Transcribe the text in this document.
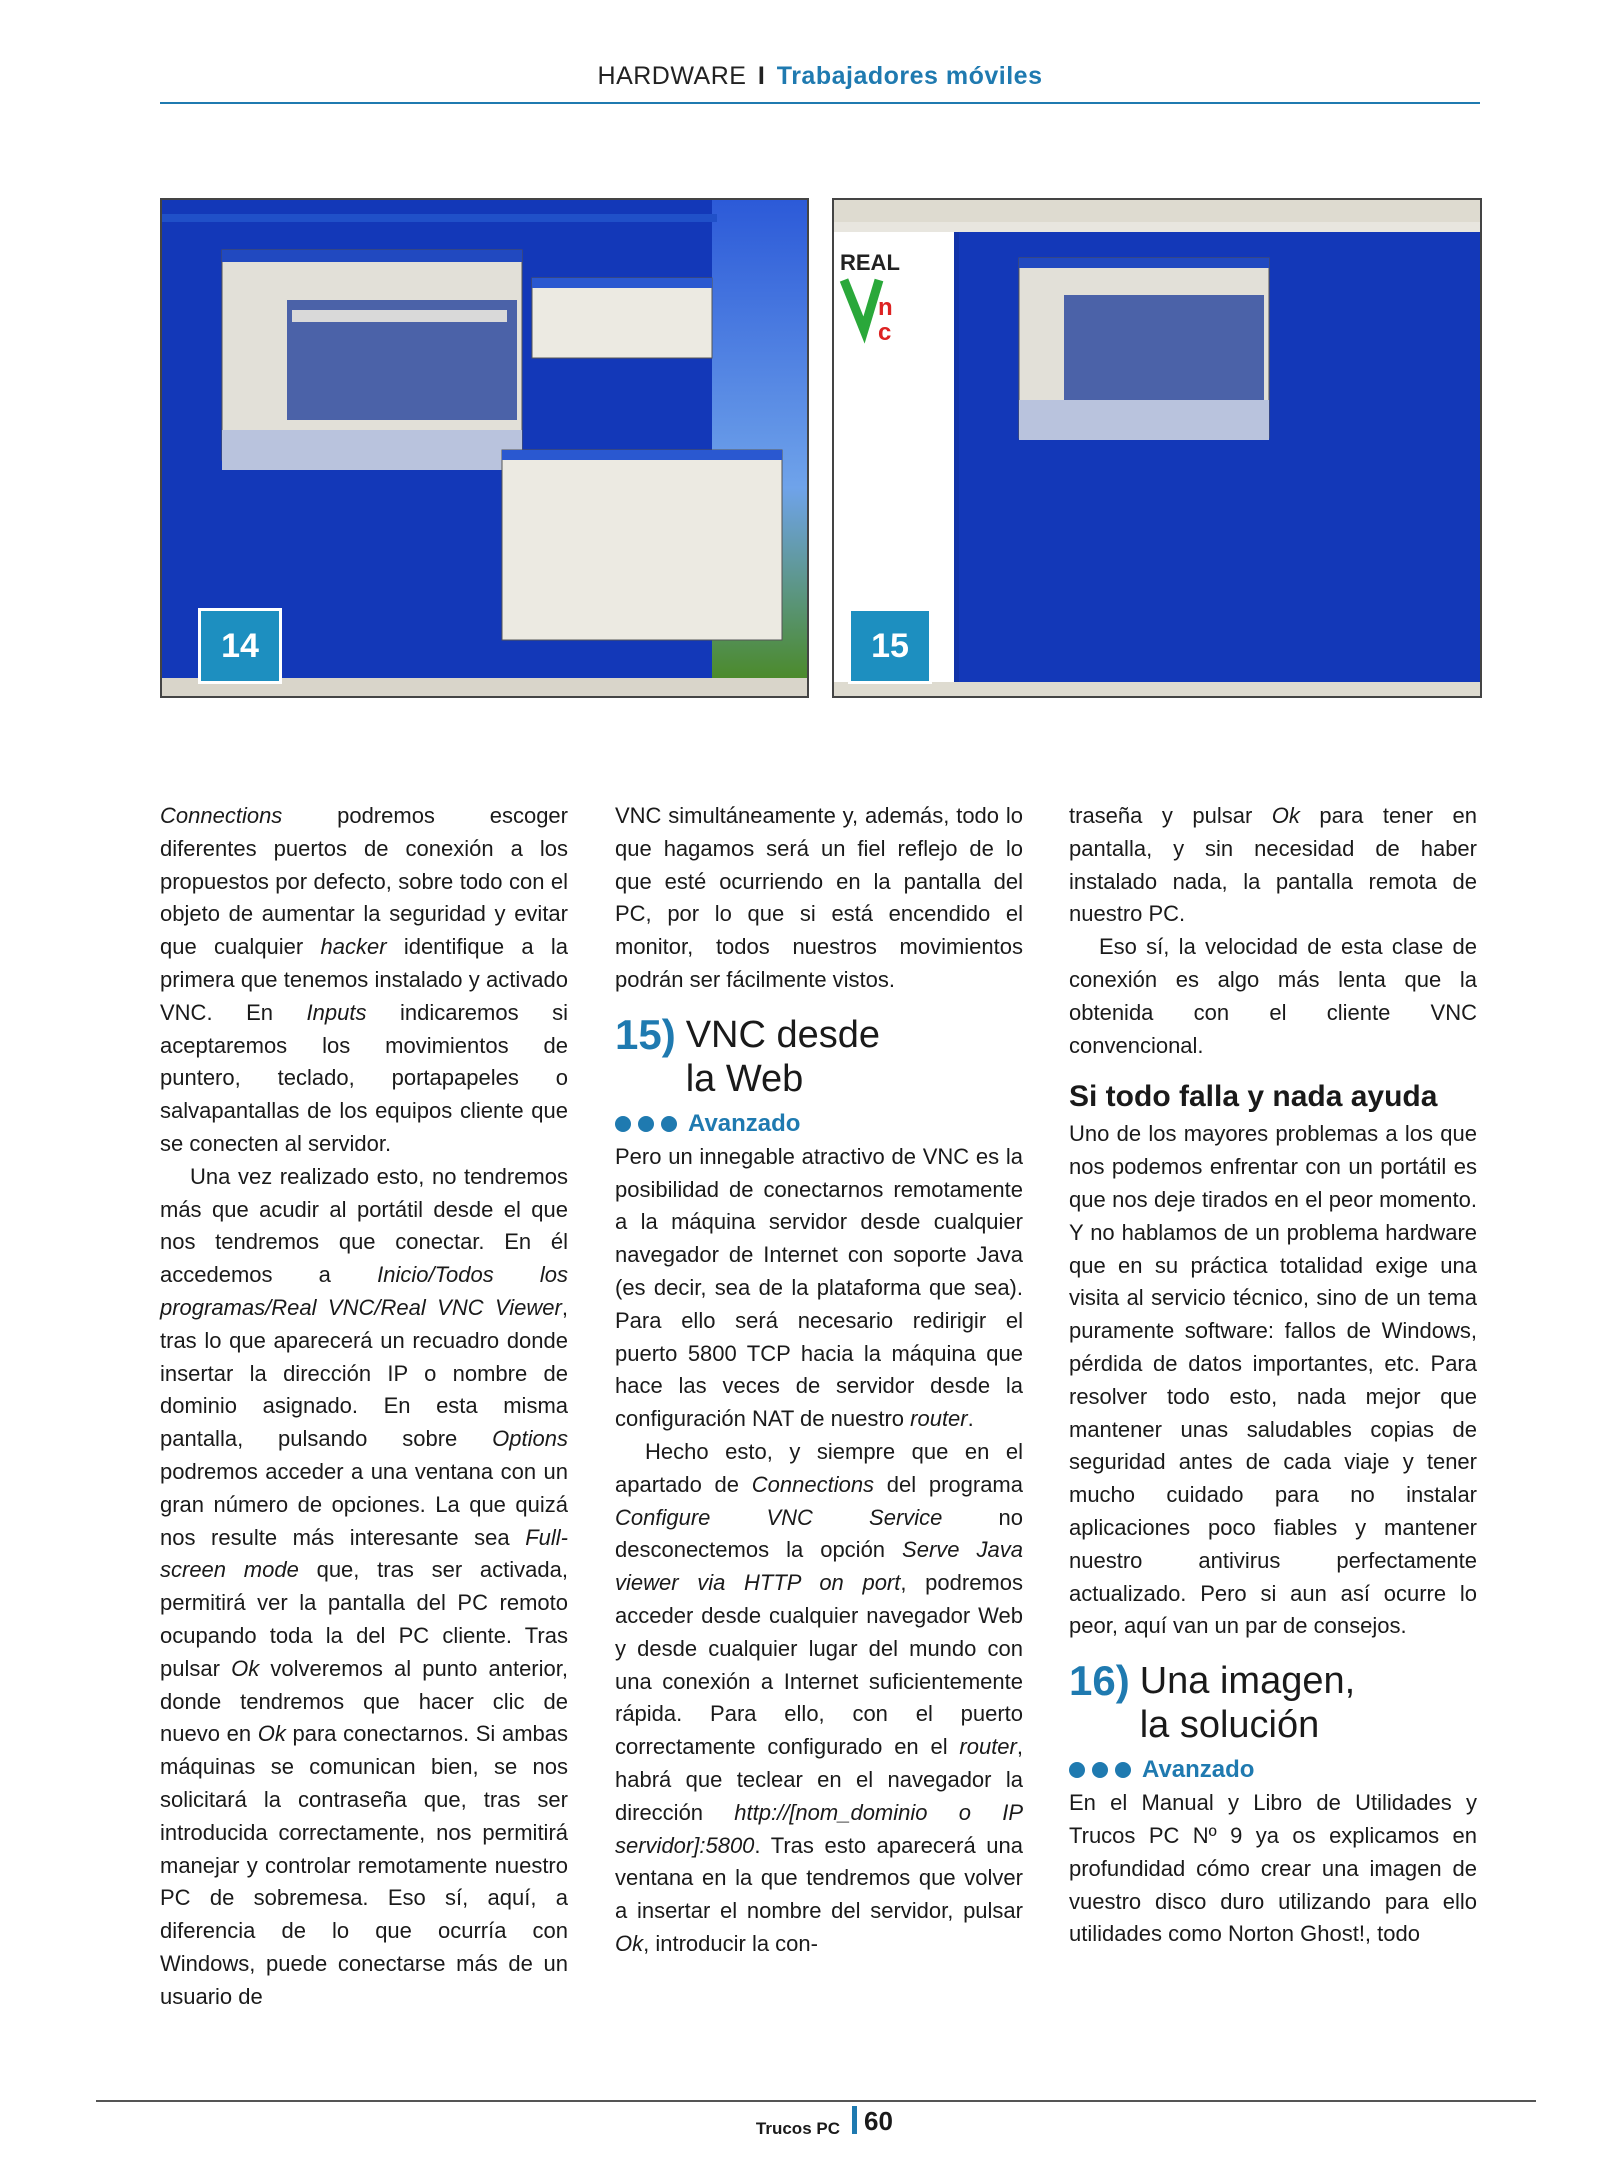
HARDWARE I Trabajadores móviles
14
REAL
n
c
15

Connections podremos escoger diferentes puertos de conexión a los propuestos por defecto, sobre todo con el objeto de aumentar la seguridad y evitar que cualquier hacker identifique a la primera que tenemos instalado y activado VNC. En Inputs indicaremos si aceptaremos los movimientos de puntero, teclado, portapapeles o salvapantallas de los equipos cliente que se conecten al servidor.

Una vez realizado esto, no tendremos más que acudir al portátil desde el que nos tendremos que conectar. En él accedemos a Inicio/Todos los programas/Real VNC/Real VNC Viewer, tras lo que aparecerá un recuadro donde insertar la dirección IP o nombre de dominio asignado. En esta misma pantalla, pulsando sobre Options podremos acceder a una ventana con un gran número de opciones. La que quizá nos resulte más interesante sea Full-screen mode que, tras ser activada, permitirá ver la pantalla del PC remoto ocupando toda la del PC cliente. Tras pulsar Ok volveremos al punto anterior, donde tendremos que hacer clic de nuevo en Ok para conectarnos. Si ambas máquinas se comunican bien, se nos solicitará la contraseña que, tras ser introducida correctamente, nos permitirá manejar y controlar remotamente nuestro PC de sobremesa. Eso sí, aquí, a diferencia de lo que ocurría con Windows, puede conectarse más de un usuario de

VNC simultáneamente y, además, todo lo que hagamos será un fiel reflejo de lo que esté ocurriendo en la pantalla del PC, por lo que si está encendido el monitor, todos nuestros movimientos podrán ser fácilmente vistos.

15) VNC desde
la Web
Avanzado

Pero un innegable atractivo de VNC es la posibilidad de conectarnos remotamente a la máquina servidor desde cualquier navegador de Internet con soporte Java (es decir, sea de la plataforma que sea). Para ello será necesario redirigir el puerto 5800 TCP hacia la máquina que hace las veces de servidor desde la configuración NAT de nuestro router.

Hecho esto, y siempre que en el apartado de Connections del programa Configure VNC Service no desconectemos la opción Serve Java viewer via HTTP on port, podremos acceder desde cualquier navegador Web y desde cualquier lugar del mundo con una conexión a Internet suficientemente rápida. Para ello, con el puerto correctamente configurado en el router, habrá que teclear en el navegador la dirección http://[nom_dominio o IP servidor]:5800. Tras esto aparecerá una ventana en la que tendremos que volver a insertar el nombre del servidor, pulsar Ok, introducir la con-

traseña y pulsar Ok para tener en pantalla, y sin necesidad de haber instalado nada, la pantalla remota de nuestro PC.

Eso sí, la velocidad de esta clase de conexión es algo más lenta que la obtenida con el cliente VNC convencional.

Si todo falla y nada ayuda

Uno de los mayores problemas a los que nos podemos enfrentar con un portátil es que nos deje tirados en el peor momento. Y no hablamos de un problema hardware que en su práctica totalidad exige una visita al servicio técnico, sino de un tema puramente software: fallos de Windows, pérdida de datos importantes, etc. Para resolver todo esto, nada mejor que mantener unas saludables copias de seguridad antes de cada viaje y tener mucho cuidado para no instalar aplicaciones poco fiables y mantener nuestro antivirus perfectamente actualizado. Pero si aun así ocurre lo peor, aquí van un par de consejos.

16) Una imagen,
la solución
Avanzado

En el Manual y Libro de Utilidades y Trucos PC Nº 9 ya os explicamos en profundidad cómo crear una imagen de vuestro disco duro utilizando para ello utilidades como Norton Ghost!, todo

Trucos PC 60
